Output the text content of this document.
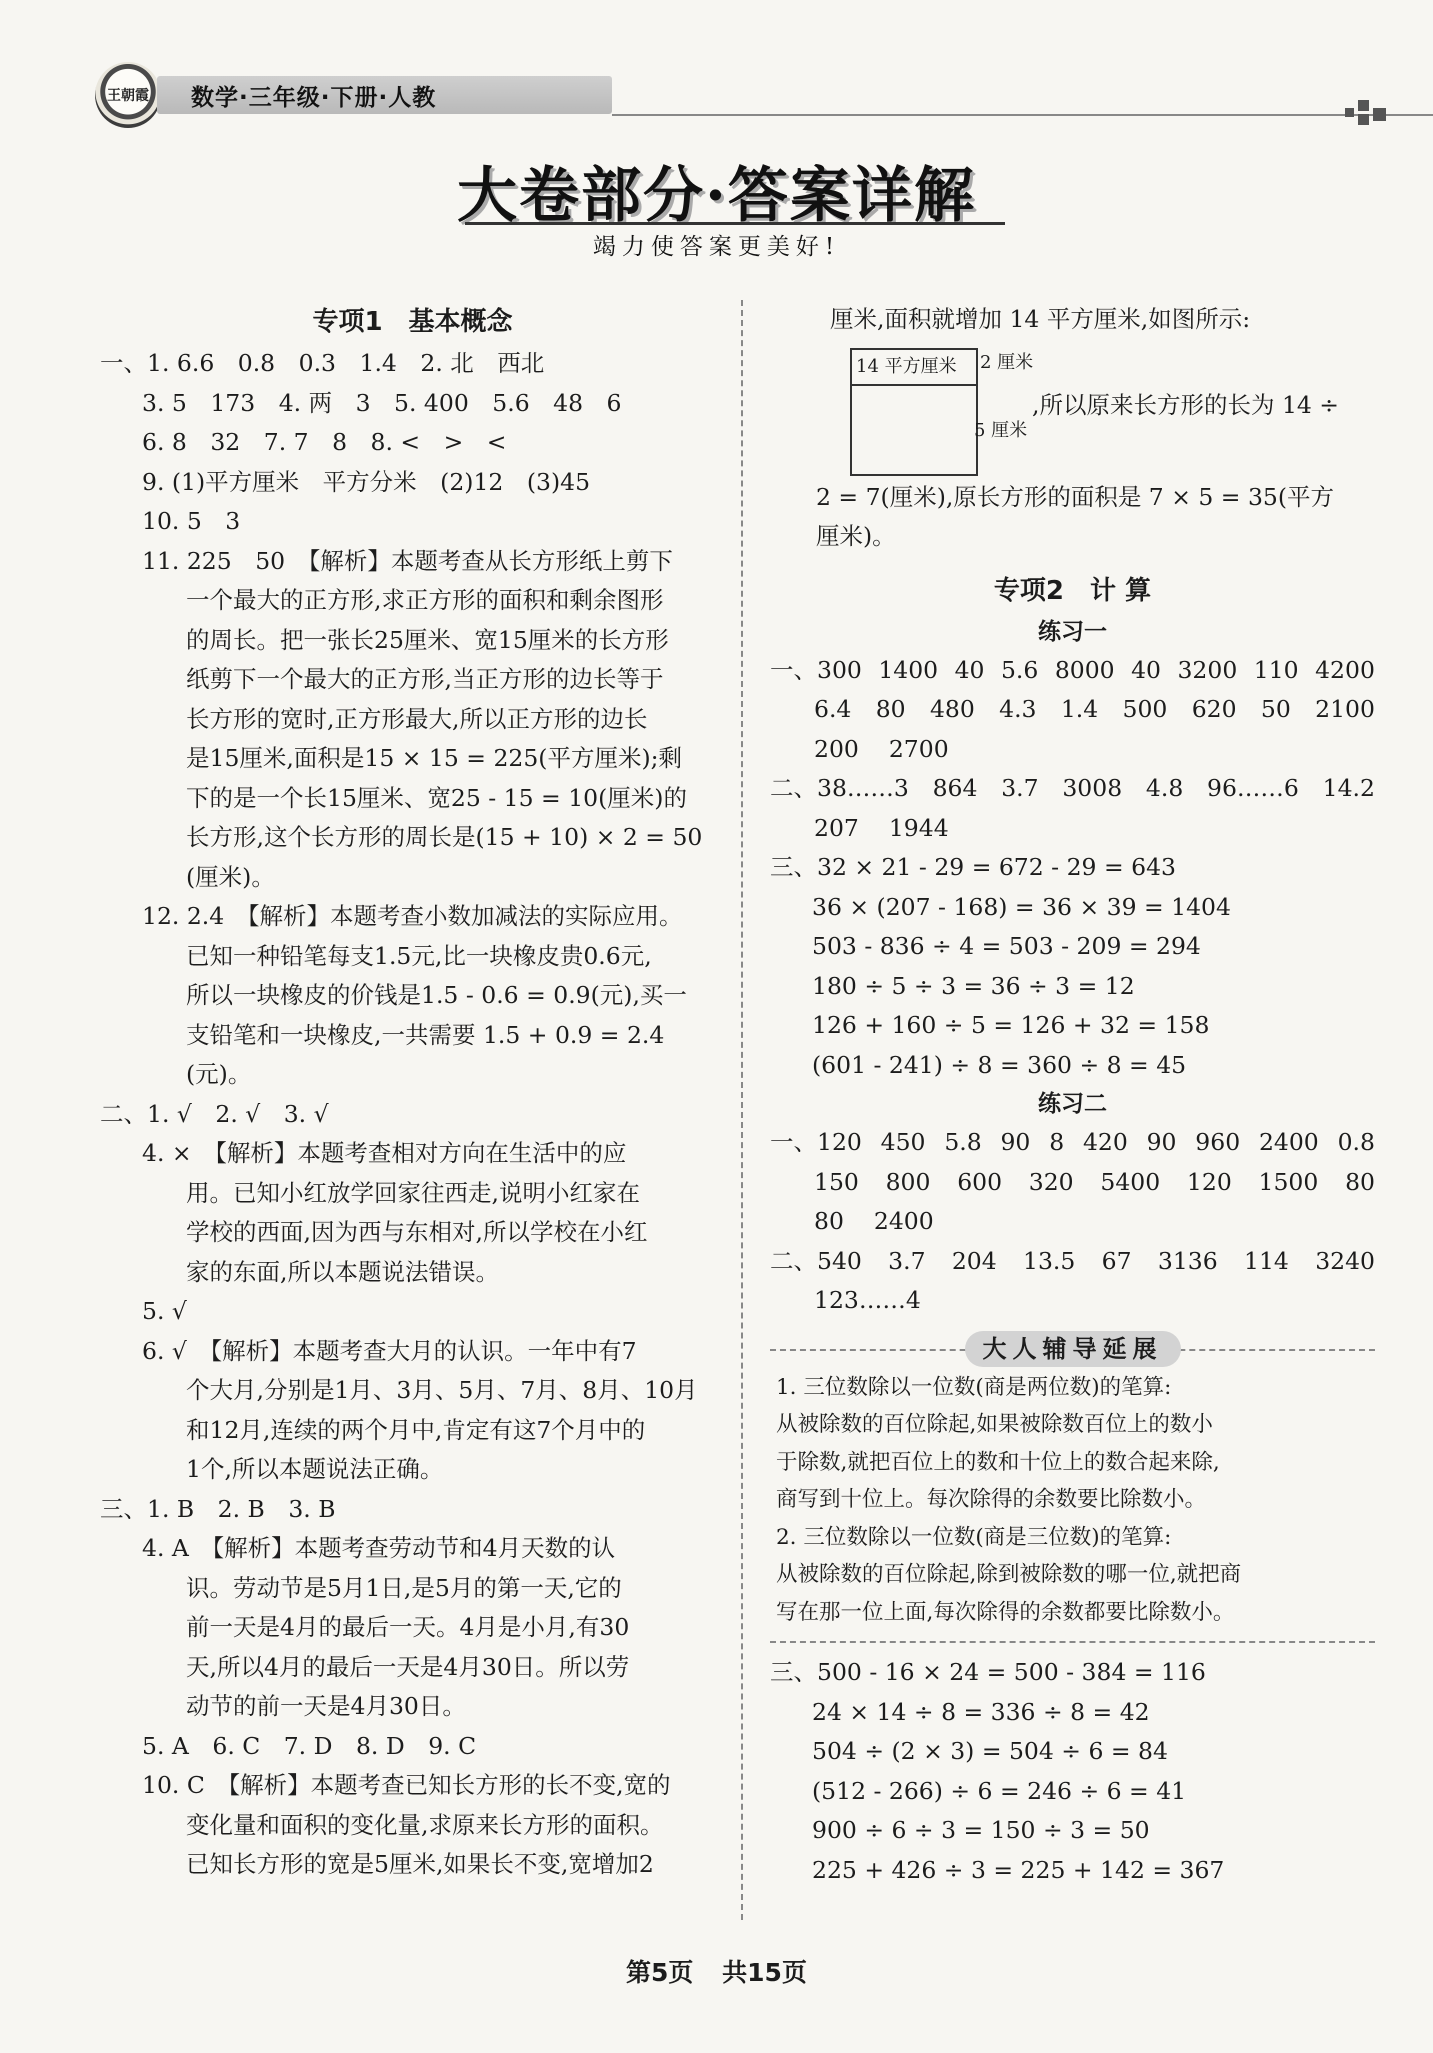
王朝霞 数学·三年级·下册·人教
大卷部分·答案详解
竭力使答案更美好!
专项1　基本概念
一、1. 6.6　0.8　0.3　1.4　2. 北　西北
3. 5　173　4. 两　3　5. 400　5.6　48　6
6. 8　32　7. 7　8　8. <　>　<
9. (1)平方厘米　平方分米　(2)12　(3)45
10. 5　3
11. 225　50　【解析】本题考查从长方形纸上剪下
一个最大的正方形,求正方形的面积和剩余图形
的周长。把一张长25厘米、宽15厘米的长方形
纸剪下一个最大的正方形,当正方形的边长等于
长方形的宽时,正方形最大,所以正方形的边长
是15厘米,面积是15 × 15 = 225(平方厘米);剩
下的是一个长15厘米、宽25 - 15 = 10(厘米)的
长方形,这个长方形的周长是(15 + 10) × 2 = 50
(厘米)。
12. 2.4　【解析】本题考查小数加减法的实际应用。
已知一种铅笔每支1.5元,比一块橡皮贵0.6元,
所以一块橡皮的价钱是1.5 - 0.6 = 0.9(元),买一
支铅笔和一块橡皮,一共需要 1.5 + 0.9 = 2.4
(元)。
二、1. √　2. √　3. √
4. ×　【解析】本题考查相对方向在生活中的应
用。已知小红放学回家往西走,说明小红家在
学校的西面,因为西与东相对,所以学校在小红
家的东面,所以本题说法错误。
5. √
6. √　【解析】本题考查大月的认识。一年中有7
个大月,分别是1月、3月、5月、7月、8月、10月
和12月,连续的两个月中,肯定有这7个月中的
1个,所以本题说法正确。
三、1. B　2. B　3. B
4. A　【解析】本题考查劳动节和4月天数的认
识。劳动节是5月1日,是5月的第一天,它的
前一天是4月的最后一天。4月是小月,有30
天,所以4月的最后一天是4月30日。所以劳
动节的前一天是4月30日。
5. A　6. C　7. D　8. D　9. C
10. C　【解析】本题考查已知长方形的长不变,宽的
变化量和面积的变化量,求原来长方形的面积。
已知长方形的宽是5厘米,如果长不变,宽增加2
厘米,面积就增加 14 平方厘米,如图所示:
14 平方厘米 2 厘米
5 厘米
,所以原来长方形的长为 14 ÷
2 = 7(厘米),原长方形的面积是 7 × 5 = 35(平方
厘米)。
专项2　计 算
练习一
一、300 1400 40 5.6 8000 40 3200 110 4200
6.4 80 480 4.3 1.4 500 620 50 2100
200 2700
二、38……3 864 3.7 3008 4.8 96……6 14.2
207 1944
三、32 × 21 - 29 = 672 - 29 = 643
36 × (207 - 168) = 36 × 39 = 1404
503 - 836 ÷ 4 = 503 - 209 = 294
180 ÷ 5 ÷ 3 = 36 ÷ 3 = 12
126 + 160 ÷ 5 = 126 + 32 = 158
(601 - 241) ÷ 8 = 360 ÷ 8 = 45
练习二
一、120 450 5.8 90 8 420 90 960 2400 0.8
150 800 600 320 5400 120 1500 80
80 2400
二、540 3.7 204 13.5 67 3136 114 3240
123……4
大人辅导延展
1. 三位数除以一位数(商是两位数)的笔算:
从被除数的百位除起,如果被除数百位上的数小
于除数,就把百位上的数和十位上的数合起来除,
商写到十位上。每次除得的余数要比除数小。
2. 三位数除以一位数(商是三位数)的笔算:
从被除数的百位除起,除到被除数的哪一位,就把商
写在那一位上面,每次除得的余数都要比除数小。
三、500 - 16 × 24 = 500 - 384 = 116
24 × 14 ÷ 8 = 336 ÷ 8 = 42
504 ÷ (2 × 3) = 504 ÷ 6 = 84
(512 - 266) ÷ 6 = 246 ÷ 6 = 41
900 ÷ 6 ÷ 3 = 150 ÷ 3 = 50
225 + 426 ÷ 3 = 225 + 142 = 367
第5页 共15页
